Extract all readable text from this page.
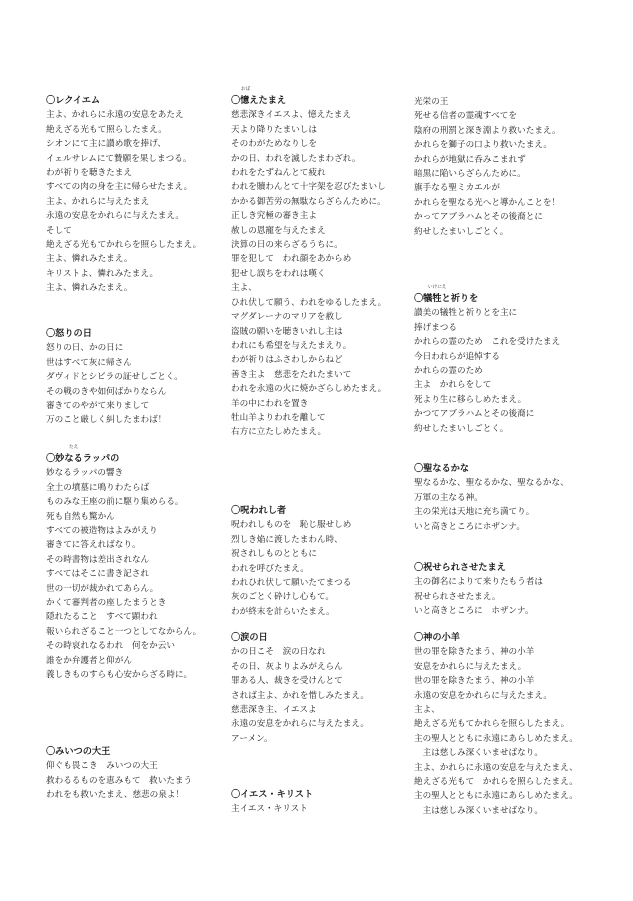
〇レクイエム

主よ、かれらに永遠の安息をあたえ

絶えざる光もて照らしたまえ。

シオンにて主に讃め歌を捧げ、

イェルサレムにて贄願を果しまつる。

わが祈りを聴きたまえ

すべての肉の身を主に帰らせたまえ。

主よ、かれらに与えたまえ

永遠の安息をかれらに与えたまえ。

そして

絶えざる光もてかれらを照らしたまえ。

主よ、憐れみたまえ。

キリストよ、憐れみたまえ。

主よ、憐れみたまえ。

〇怒りの日

怒りの日、かの日に

世はすべて灰に帰さん

ダヴィドとシビラの証せしごとく。

その戦のきや如何ばかりならん

審きてのやがて来りまして

万のこと厳しく糾したまわば！

たえ
〇妙なるラッパの

妙なるラッパの響き

全土の墳墓に鳴りわたらば

ものみな王座の前に駆り集めらる。

死も自然も驚かん

すべての被造物はよみがえり

審きてに答えればなり。

その時書物は差出されなん

すべてはそこに書き記され

世の一切が裁かれてあらん。

かくて審判者の座したまうとき

隠れたること　すべて顕われ

報いられざること一つとしてなからん。

その時哀れなるわれ　何をか云い

誰をか弁護者と仰がん

義しきものすらも心安からざる時に。

〇みいつの大王

仰ぐも畏こき　みいつの大王

救わるるものを恵みもて　救いたまう

われをも救いたまえ、慈悲の泉よ！

おぼ
〇憶えたまえ

慈悲深きイエスよ、憶えたまえ

天より降りたまいしは

そのわがためなりしを

かの日、われを滅したまわざれ。

われをたずねんとて疲れ

われを贖わんとて十字架を忍びたまいし

かかる御苦労の無駄ならざらんために。

正しき究極の審き主よ

赦しの恩寵を与えたまえ

決算の日の来らざるうちに。

罪を犯して　われ顔をあからめ

犯せし誤ちをわれは嘆く

主よ、

ひれ伏して願う、われをゆるしたまえ。

マグダレーナのマリアを赦し

盗賊の願いを聴きいれし主は

われにも希望を与えたまえり。

わが祈りはふさわしからねど

善き主よ　慈悲をたれたまいて

われを永遠の火に焼かざらしめたまえ。

羊の中にわれを置き

牡山羊よりわれを離して

右方に立たしめたまえ。

〇呪われし者

呪われしものを　恥じ服せしめ

烈しき焔に渡したまわん時、

祝されしものとともに

われを呼びたまえ。

われひれ伏して願いたてまつる

灰のごとく砕けし心もて。

わが終末を計らいたまえ。

〇涙の日

かの日こそ　涙の日なれ

その日、灰よりよみがえらん

罪ある人、裁きを受けんとて

されば主よ、かれを惜しみたまえ。

慈悲深き主、イエスよ

永遠の安息をかれらに与えたまえ。

アーメン。

〇イエス・キリスト

主イエス・キリスト

光栄の王

死せる信者の霊魂すべてを

陰府の刑罰と深き淵より救いたまえ。

かれらを獅子の口より救いたまえ。

かれらが地獄に呑みこまれず

暗黒に陥いらざらんために。

旗手なる聖ミカエルが

かれらを聖なる光へと導かんことを！

かってアブラハムとその後裔とに

約せしたまいしごとく。

いけにえ
〇犠牲と祈りを

讃美の犠牲と祈りとを主に

捧げまつる

かれらの霊のため　これを受けたまえ

今日われらが追悼する

かれらの霊のため

主よ　かれらをして

死より生に移らしめたまえ。

かつてアブラハムとその後裔に

約せしたまいしごとく。

〇聖なるかな

聖なるかな、聖なるかな、聖なるかな、

万軍の主なる神。

主の栄光は天地に充ち満てり。

いと高きところにホザンナ。

〇祝せられさせたまえ

主の御名によりて来りたもう者は

祝せられさせたまえ。

いと高きところに　ホザンナ。

〇神の小羊

世の罪を除きたまう、神の小羊

安息をかれらに与えたまえ。

世の罪を除きたまう、神の小羊

永遠の安息をかれらに与えたまえ。

主よ、

絶えざる光もてかれらを照らしたまえ。

主の聖人とともに永遠にあらしめたまえ。

　主は慈しみ深くいませばなり。

主よ、かれらに永遠の安息を与えたまえ、

絶えざる光もて　かれらを照らしたまえ。

主の聖人とともに永遠にあらしめたまえ。

　主は慈しみ深くいませばなり。
